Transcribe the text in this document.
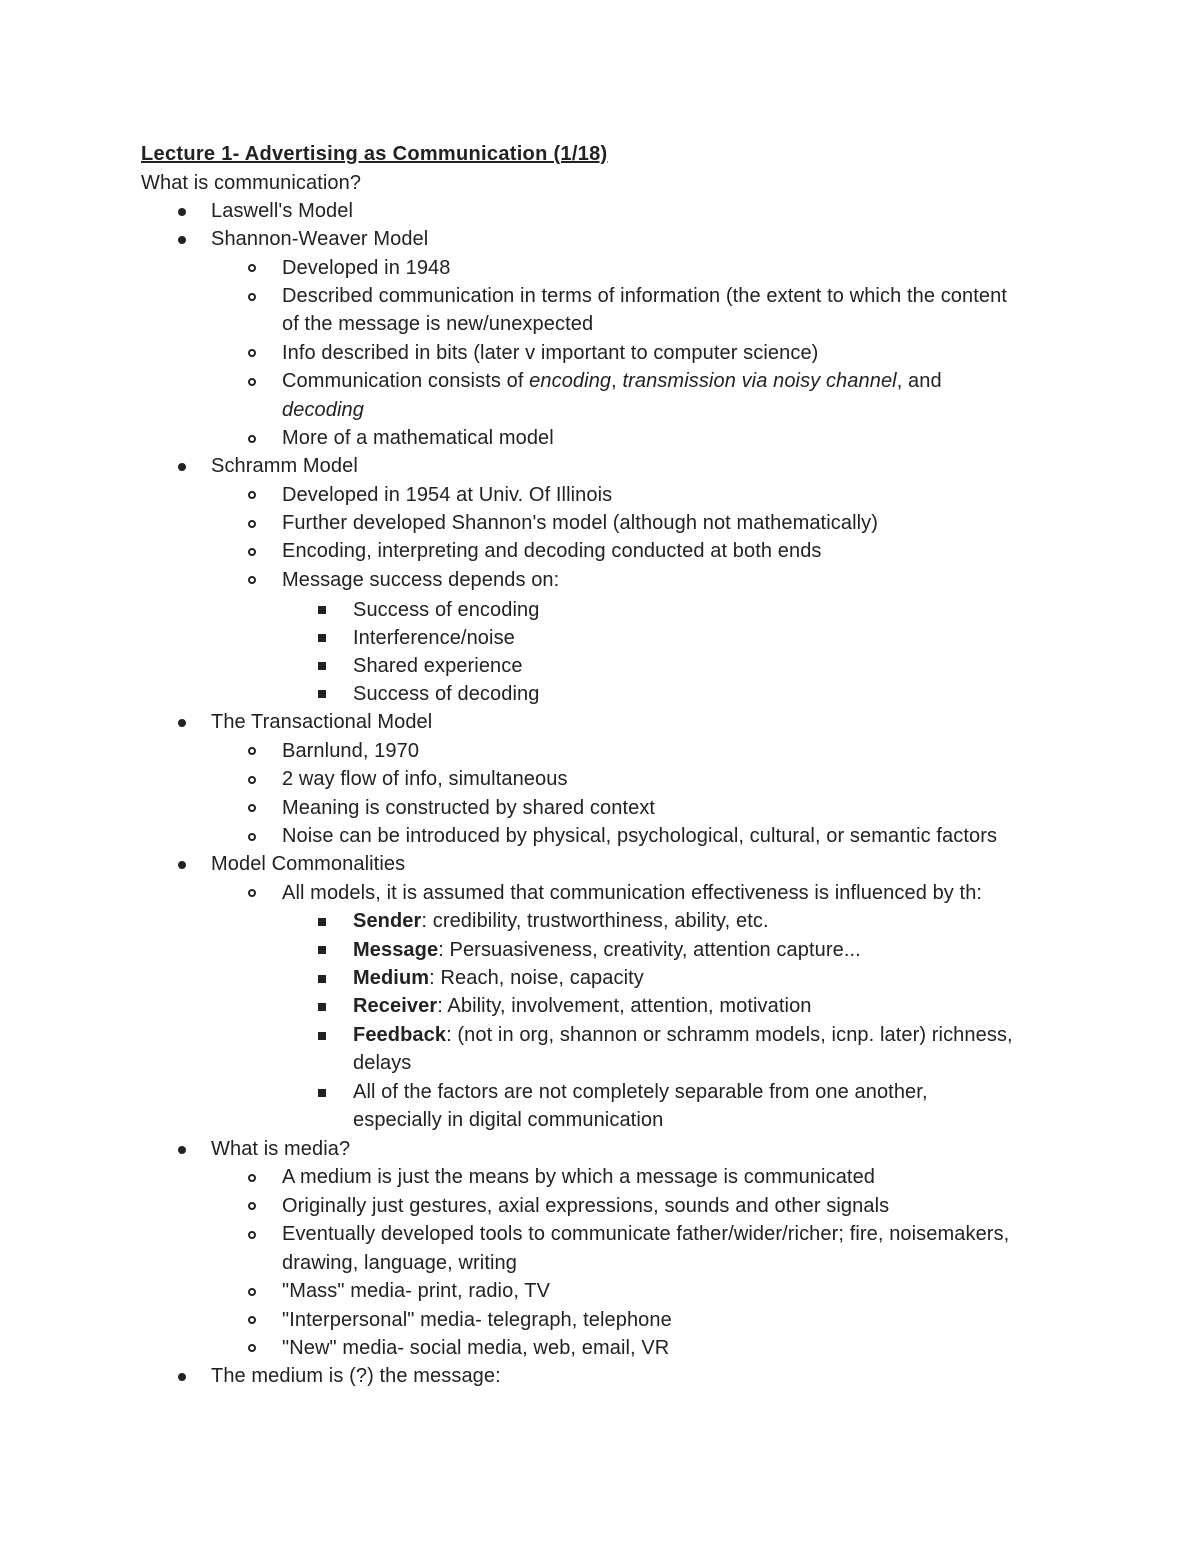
Lecture 1- Advertising as Communication (1/18)
What is communication?
Laswell's Model
Shannon-Weaver Model
Developed in 1948
Described communication in terms of information (the extent to which the content
of the message is new/unexpected
Info described in bits (later v important to computer science)
Communication consists of encoding, transmission via noisy channel, and
decoding
More of a mathematical model
Schramm Model
Developed in 1954 at Univ. Of Illinois
Further developed Shannon's model (although not mathematically)
Encoding, interpreting and decoding conducted at both ends
Message success depends on:
Success of encoding
Interference/noise
Shared experience
Success of decoding
The Transactional Model
Barnlund, 1970
2 way flow of info, simultaneous
Meaning is constructed by shared context
Noise can be introduced by physical, psychological, cultural, or semantic factors
Model Commonalities
All models, it is assumed that communication effectiveness is influenced by th:
Sender: credibility, trustworthiness, ability, etc.
Message: Persuasiveness, creativity, attention capture...
Medium: Reach, noise, capacity
Receiver: Ability, involvement, attention, motivation
Feedback: (not in org, shannon or schramm models, icnp. later) richness,
delays
All of the factors are not completely separable from one another,
especially in digital communication
What is media?
A medium is just the means by which a message is communicated
Originally just gestures, axial expressions, sounds and other signals
Eventually developed tools to communicate father/wider/richer; fire, noisemakers,
drawing, language, writing
"Mass" media- print, radio, TV
"Interpersonal" media- telegraph, telephone
"New" media- social media, web, email, VR
The medium is (?) the message:
